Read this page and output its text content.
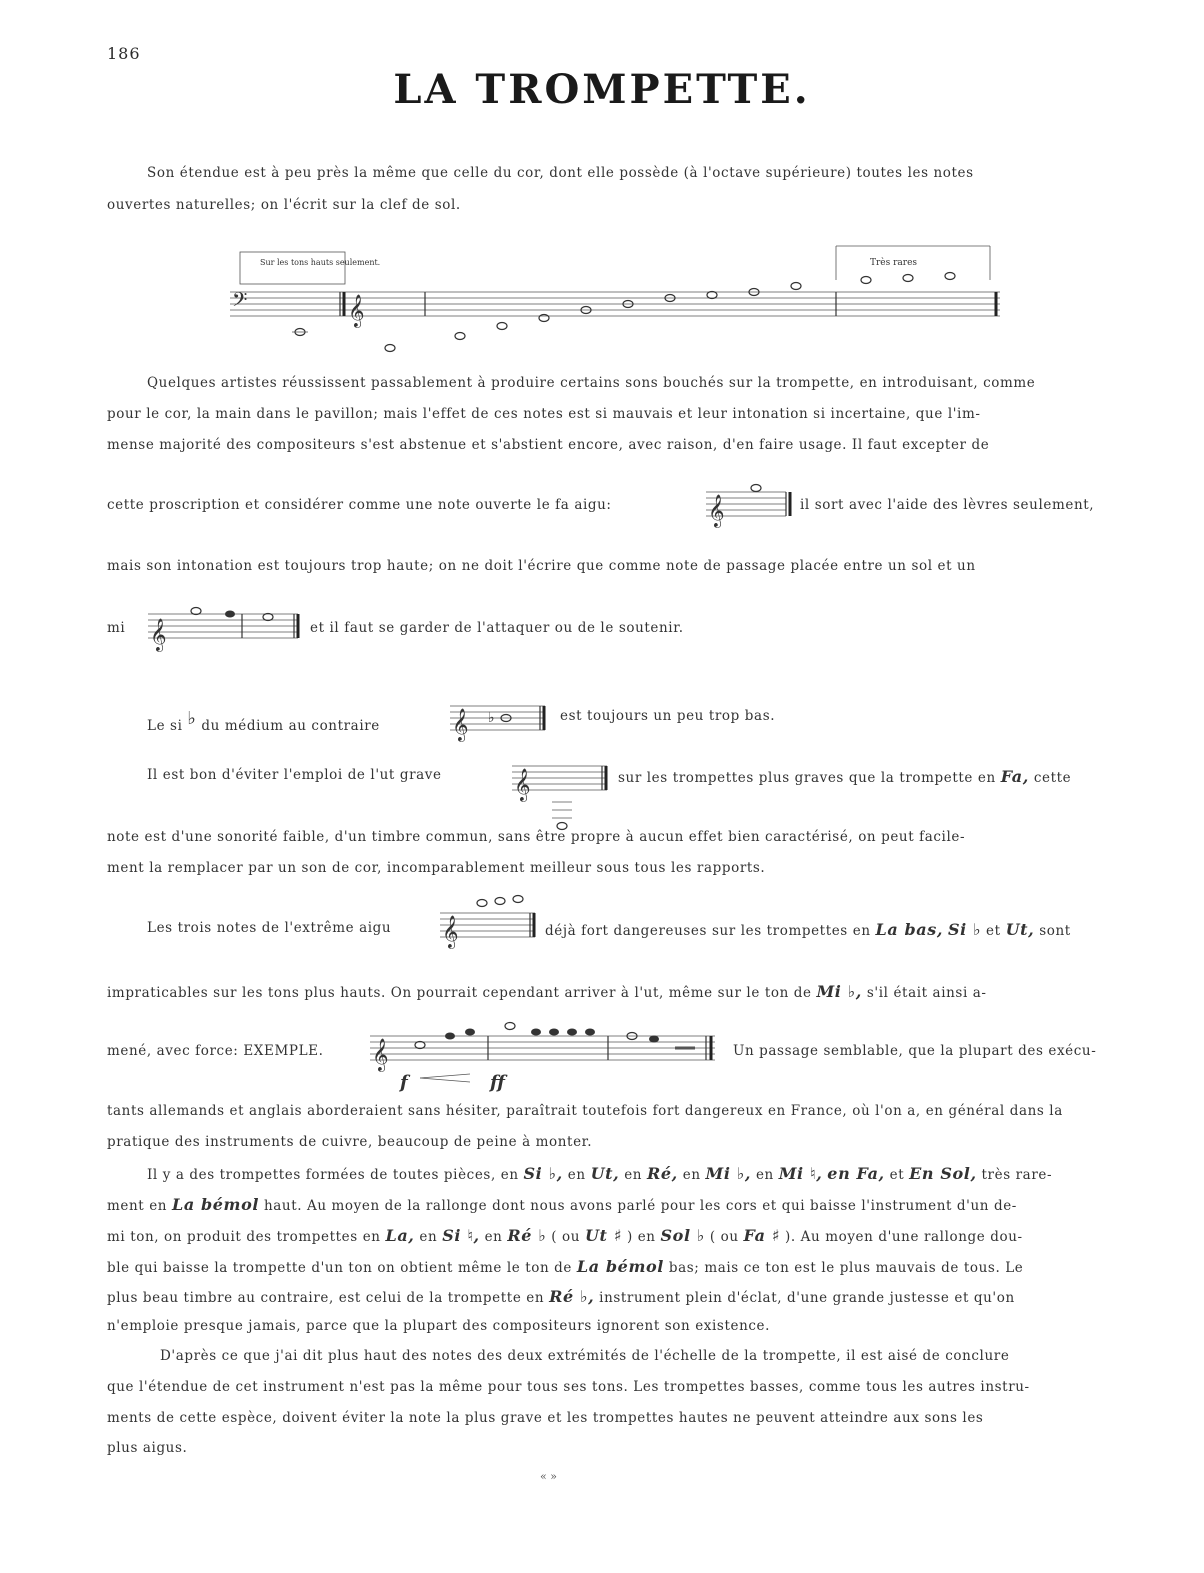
186
LA TROMPETTE.
Son étendue est à peu près la même que celle du cor, dont elle possède (à l'octave supérieure) toutes les notes
ouvertes naturelles; on l'écrit sur la clef de sol.
Sur les tons hauts seulement.	Très rares
𝄢	𝄞
Quelques artistes réussissent passablement à produire certains sons bouchés sur la trompette, en introduisant, comme
pour le cor, la main dans le pavillon; mais l'effet de ces notes est si mauvais et leur intonation si incertaine, que l'im-
mense majorité des compositeurs s'est abstenue et s'abstient encore, avec raison, d'en faire usage. Il faut excepter de
cette proscription et considérer comme une note ouverte le fa aigu:	𝄞	il sort avec l'aide des lèvres seulement,
mais son intonation est toujours trop haute; on ne doit l'écrire que comme note de passage placée entre un sol et un
mi 𝄞	et il faut se garder de l'attaquer ou de le soutenir.
Le si ♭ du médium au contraire	𝄞 ♭	est toujours un peu trop bas.
Il est bon d'éviter l'emploi de l'ut grave	𝄞	sur les trompettes plus graves que la trompette en Fa, cette
note est d'une sonorité faible, d'un timbre commun, sans être propre à aucun effet bien caractérisé, on peut facile-
ment la remplacer par un son de cor, incomparablement meilleur sous tous les rapports.
Les trois notes de l'extrême aigu 𝄞	déjà fort dangereuses sur les trompettes en La bas, Si ♭ et Ut, sont
impraticables sur les tons plus hauts. On pourrait cependant arriver à l'ut, même sur le ton de Mi ♭, s'il était ainsi a-
mené, avec force: EXEMPLE. 𝄞
f	ff
Un passage semblable, que la plupart des exécu-
tants allemands et anglais aborderaient sans hésiter, paraîtrait toutefois fort dangereux en France, où l'on a, en général dans la
pratique des instruments de cuivre, beaucoup de peine à monter.
Il y a des trompettes formées de toutes pièces, en Si ♭, en Ut, en Ré, en Mi ♭, en Mi ♮, en Fa, et En Sol, très rare-
ment en La bémol haut. Au moyen de la rallonge dont nous avons parlé pour les cors et qui baisse l'instrument d'un de-
mi ton, on produit des trompettes en La, en Si ♮, en Ré ♭ ( ou Ut ♯ ) en Sol ♭ ( ou Fa ♯ ). Au moyen d'une rallonge dou-
ble qui baisse la trompette d'un ton on obtient même le ton de La bémol bas; mais ce ton est le plus mauvais de tous. Le
plus beau timbre au contraire, est celui de la trompette en Ré ♭, instrument plein d'éclat, d'une grande justesse et qu'on
n'emploie presque jamais, parce que la plupart des compositeurs ignorent son existence.
D'après ce que j'ai dit plus haut des notes des deux extrémités de l'échelle de la trompette, il est aisé de conclure
que l'étendue de cet instrument n'est pas la même pour tous ses tons. Les trompettes basses, comme tous les autres instru-
ments de cette espèce, doivent éviter la note la plus grave et les trompettes hautes ne peuvent atteindre aux sons les
plus aigus.
« »
